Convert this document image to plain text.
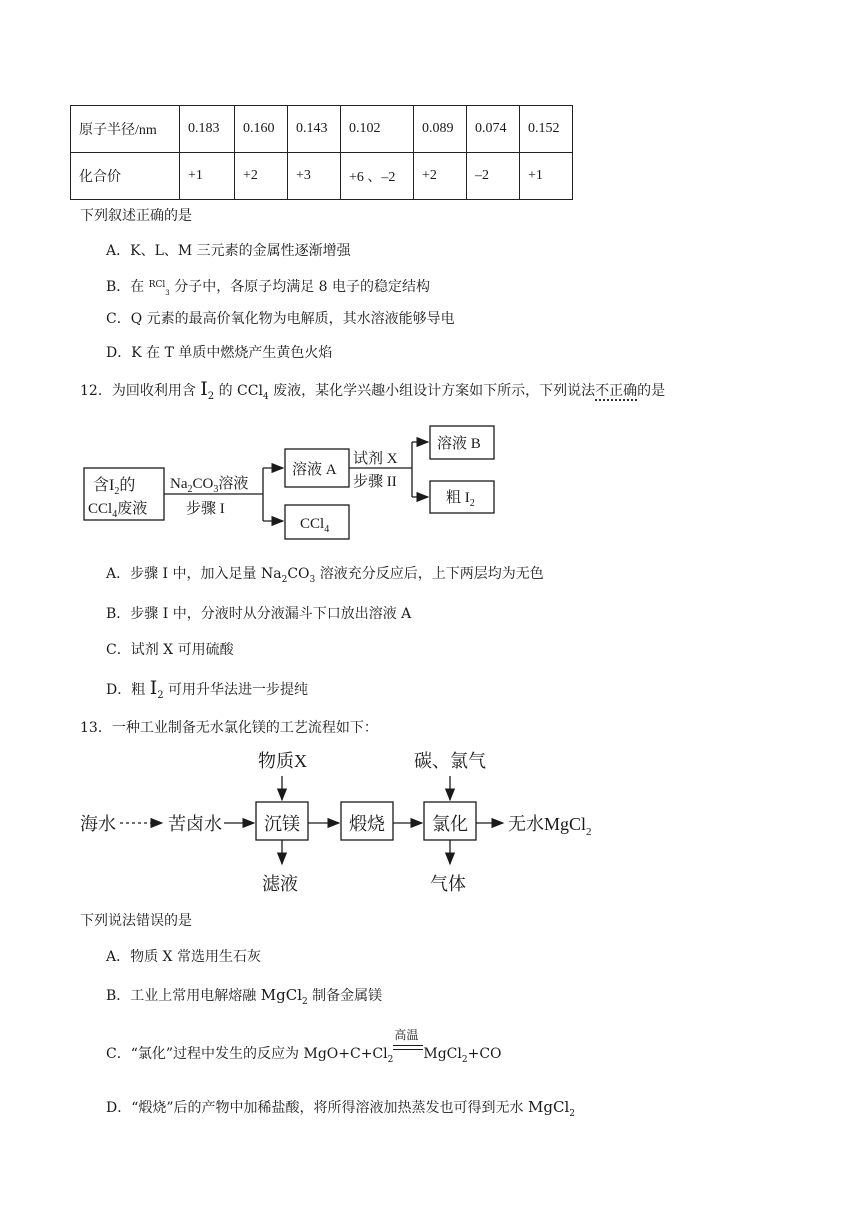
原子半径/nm	0.183	0.160	0.143	0.102	0.089	0.074	0.152
化合价	+1	+2	+3	+6 、–2	+2	–2	+1
下列叙述正确的是
A．K、L、M 三元素的金属性逐渐增强
B．在 $^{RCl}_3$ 分子中，各原子均满足 8 电子的稳定结构
C．Q 元素的最高价氧化物为电解质，其水溶液能够导电
D．K 在 T 单质中燃烧产生黄色火焰
12．为回收利用含 $I_2$ 的 CCl$_4$ 废液，某化学兴趣小组设计方案如下所示，下列说法不正确的是
含$I_2$的
CCl$_4$废液
$Na_2CO_3$溶液
步骤 I
溶液 A
CCl$_4$
试剂 X
步骤 II
溶液 B
粗 $I_2$
A．步骤 I 中，加入足量 $Na_2CO_3$ 溶液充分反应后，上下两层均为无色
B．步骤 I 中，分液时从分液漏斗下口放出溶液 A
C．试剂 X 可用硫酸
D．粗 $I_2$ 可用升华法进一步提纯
13．一种工业制备无水氯化镁的工艺流程如下：
物质X	碳、氯气
海水	苦卤水 沉镁	煅烧	氯化 无水MgCl$_2$
滤液	气体
下列说法错误的是
A．物质 X 常选用生石灰
B．工业上常用电解熔融 MgCl$_2$ 制备金属镁
C．“氯化”过程中发生的反应为 $MgO+C+Cl_2$
高温
MgCl$_2$+CO
D．“煅烧”后的产物中加稀盐酸，将所得溶液加热蒸发也可得到无水 MgCl$_2$
